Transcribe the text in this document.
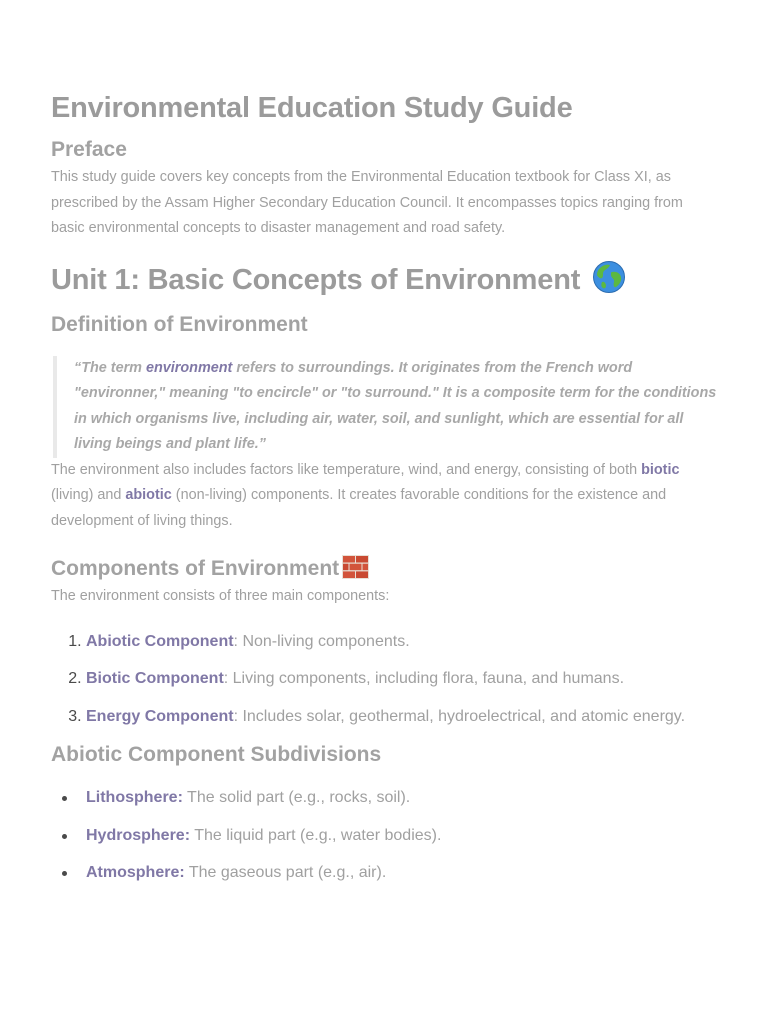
Environmental Education Study Guide
Preface

This study guide covers key concepts from the Environmental Education textbook for Class XI, as prescribed by the Assam Higher Secondary Education Council. It encompasses topics ranging from basic environmental concepts to disaster management and road safety.

Unit 1: Basic Concepts of Environment
Definition of Environment
“The term environment refers to surroundings. It originates from the French word "environner," meaning "to encircle" or "to surround." It is a composite term for the conditions in which organisms live, including air, water, soil, and sunlight, which are essential for all living beings and plant life.”

The environment also includes factors like temperature, wind, and energy, consisting of both biotic (living) and abiotic (non-living) components. It creates favorable conditions for the existence and development of living things.

Components of Environment

The environment consists of three main components:

1. Abiotic Component: Non-living components.
2. Biotic Component: Living components, including flora, fauna, and humans.
3. Energy Component: Includes solar, geothermal, hydroelectrical, and atomic energy.
Abiotic Component Subdivisions
Lithosphere: The solid part (e.g., rocks, soil).
Hydrosphere: The liquid part (e.g., water bodies).
Atmosphere: The gaseous part (e.g., air).
